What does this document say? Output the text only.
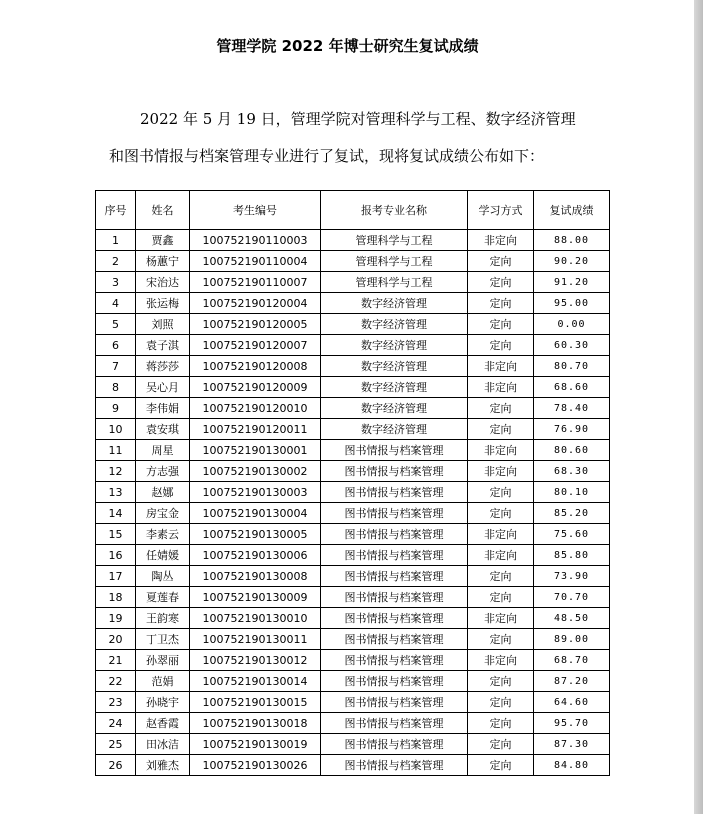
管理学院 2022 年博士研究生复试成绩
2022 年 5 月 19 日，管理学院对管理科学与工程、数字经济管理
和图书情报与档案管理专业进行了复试，现将复试成绩公布如下：
序号	姓名	考生编号	报考专业名称	学习方式	复试成绩
1	贾鑫	100752190110003	管理科学与工程	非定向	88.00
2	杨蕙宁	100752190110004	管理科学与工程	定向	90.20
3	宋治达	100752190110007	管理科学与工程	定向	91.20
4	张运梅	100752190120004	数字经济管理	定向	95.00
5	刘照	100752190120005	数字经济管理	定向	0.00
6	袁子淇	100752190120007	数字经济管理	定向	60.30
7	蒋莎莎	100752190120008	数字经济管理	非定向	80.70
8	吴心月	100752190120009	数字经济管理	非定向	68.60
9	李伟娟	100752190120010	数字经济管理	定向	78.40
10	袁安琪	100752190120011	数字经济管理	定向	76.90
11	周星	100752190130001	图书情报与档案管理	非定向	80.60
12	方志强	100752190130002	图书情报与档案管理	非定向	68.30
13	赵娜	100752190130003	图书情报与档案管理	定向	80.10
14	房宝金	100752190130004	图书情报与档案管理	定向	85.20
15	李素云	100752190130005	图书情报与档案管理	非定向	75.60
16	任婧媛	100752190130006	图书情报与档案管理	非定向	85.80
17	陶丛	100752190130008	图书情报与档案管理	定向	73.90
18	夏莲春	100752190130009	图书情报与档案管理	定向	70.70
19	王韵寒	100752190130010	图书情报与档案管理	非定向	48.50
20	丁卫杰	100752190130011	图书情报与档案管理	定向	89.00
21	孙翠丽	100752190130012	图书情报与档案管理	非定向	68.70
22	范娟	100752190130014	图书情报与档案管理	定向	87.20
23	孙晓宇	100752190130015	图书情报与档案管理	定向	64.60
24	赵香霞	100752190130018	图书情报与档案管理	定向	95.70
25	田冰洁	100752190130019	图书情报与档案管理	定向	87.30
26	刘雅杰	100752190130026	图书情报与档案管理	定向	84.80
